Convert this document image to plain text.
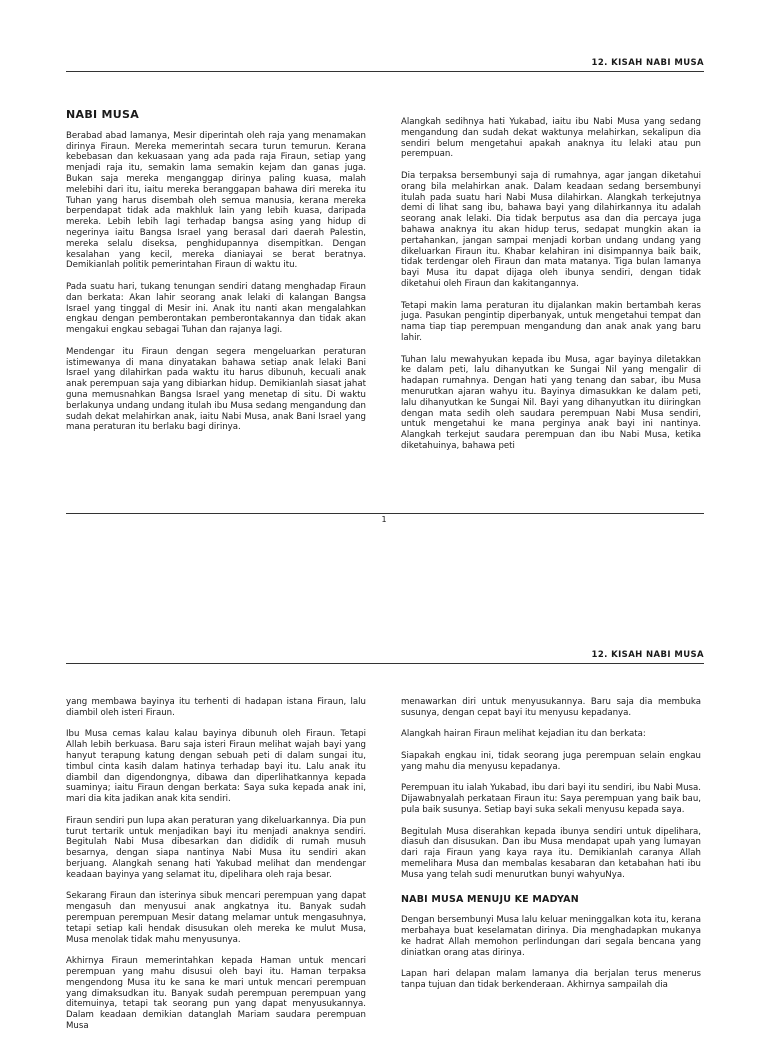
12. KISAH NABI MUSA
NABI MUSA

Berabad abad lamanya, Mesir diperintah oleh raja yang menamakan dirinya Firaun. Mereka memerintah secara turun temurun. Kerana kebebasan dan kekuasaan yang ada pada raja Firaun, setiap yang menjadi raja itu, semakin lama semakin kejam dan ganas juga. Bukan saja mereka menganggap dirinya paling kuasa, malah melebihi dari itu, iaitu mereka beranggapan bahawa diri mereka itu Tuhan yang harus disembah oleh semua manusia, kerana mereka berpendapat tidak ada makhluk lain yang lebih kuasa, daripada mereka. Lebih lebih lagi terhadap bangsa asing yang hidup di negerinya iaitu Bangsa Israel yang berasal dari daerah Palestin, mereka selalu diseksa, penghidupannya disempitkan. Dengan kesalahan yang kecil, mereka dianiayai se berat beratnya. Demikianlah politik pemerintahan Firaun di waktu itu.

Pada suatu hari, tukang tenungan sendiri datang menghadap Firaun dan berkata: Akan lahir seorang anak lelaki di kalangan Bangsa Israel yang tinggal di Mesir ini. Anak itu nanti akan mengalahkan engkau dengan pemberontakan pemberontakannya dan tidak akan mengakui engkau sebagai Tuhan dan rajanya lagi.

Mendengar itu Firaun dengan segera mengeluarkan peraturan istimewanya di mana dinyatakan bahawa setiap anak lelaki Bani Israel yang dilahirkan pada waktu itu harus dibunuh, kecuali anak anak perempuan saja yang dibiarkan hidup. Demikianlah siasat jahat guna memusnahkan Bangsa Israel yang menetap di situ. Di waktu berlakunya undang undang itulah ibu Musa sedang mengandung dan sudah dekat melahirkan anak, iaitu Nabi Musa, anak Bani Israel yang mana peraturan itu berlaku bagi dirinya.

Alangkah sedihnya hati Yukabad, iaitu ibu Nabi Musa yang sedang mengandung dan sudah dekat waktunya melahirkan, sekalipun dia sendiri belum mengetahui apakah anaknya itu lelaki atau pun perempuan.

Dia terpaksa bersembunyi saja di rumahnya, agar jangan diketahui orang bila melahirkan anak. Dalam keadaan sedang bersembunyi itulah pada suatu hari Nabi Musa dilahirkan. Alangkah terkejutnya demi di lihat sang ibu, bahawa bayi yang dilahirkannya itu adalah seorang anak lelaki. Dia tidak berputus asa dan dia percaya juga bahawa anaknya itu akan hidup terus, sedapat mungkin akan ia pertahankan, jangan sampai menjadi korban undang undang yang dikeluarkan Firaun itu. Khabar kelahiran ini disimpannya baik baik, tidak terdengar oleh Firaun dan mata matanya. Tiga bulan lamanya bayi Musa itu dapat dijaga oleh ibunya sendiri, dengan tidak diketahui oleh Firaun dan kakitangannya.

Tetapi makin lama peraturan itu dijalankan makin bertambah keras juga. Pasukan pengintip diperbanyak, untuk mengetahui tempat dan nama tiap tiap perempuan mengandung dan anak anak yang baru lahir.

Tuhan lalu mewahyukan kepada ibu Musa, agar bayinya diletakkan ke dalam peti, lalu dihanyutkan ke Sungai Nil yang mengalir di hadapan rumahnya. Dengan hati yang tenang dan sabar, ibu Musa menurutkan ajaran wahyu itu. Bayinya dimasukkan ke dalam peti, lalu dihanyutkan ke Sungai Nil. Bayi yang dihanyutkan itu diiringkan dengan mata sedih oleh saudara perempuan Nabi Musa sendiri, untuk mengetahui ke mana perginya anak bayi ini nantinya. Alangkah terkejut saudara perempuan dan ibu Nabi Musa, ketika diketahuinya, bahawa peti

1
12. KISAH NABI MUSA

yang membawa bayinya itu terhenti di hadapan istana Firaun, lalu diambil oleh isteri Firaun.

Ibu Musa cemas kalau kalau bayinya dibunuh oleh Firaun. Tetapi Allah lebih berkuasa. Baru saja isteri Firaun melihat wajah bayi yang hanyut terapung katung dengan sebuah peti di dalam sungai itu, timbul cinta kasih dalam hatinya terhadap bayi itu. Lalu anak itu diambil dan digendongnya, dibawa dan diperlihatkannya kepada suaminya; iaitu Firaun dengan berkata: Saya suka kepada anak ini, mari dia kita jadikan anak kita sendiri.

Firaun sendiri pun lupa akan peraturan yang dikeluarkannya. Dia pun turut tertarik untuk menjadikan bayi itu menjadi anaknya sendiri. Begitulah Nabi Musa dibesarkan dan dididik di rumah musuh besarnya, dengan siapa nantinya Nabi Musa itu sendiri akan berjuang. Alangkah senang hati Yakubad melihat dan mendengar keadaan bayinya yang selamat itu, dipelihara oleh raja besar.

Sekarang Firaun dan isterinya sibuk mencari perempuan yang dapat mengasuh dan menyusui anak angkatnya itu. Banyak sudah perempuan perempuan Mesir datang melamar untuk mengasuhnya, tetapi setiap kali hendak disusukan oleh mereka ke mulut Musa, Musa menolak tidak mahu menyusunya.

Akhirnya Firaun memerintahkan kepada Haman untuk mencari perempuan yang mahu disusui oleh bayi itu. Haman terpaksa mengendong Musa itu ke sana ke mari untuk mencari perempuan yang dimaksudkan itu. Banyak sudah perempuan perempuan yang ditemuinya, tetapi tak seorang pun yang dapat menyusukannya. Dalam keadaan demikian datanglah Mariam saudara perempuan Musa

menawarkan diri untuk menyusukannya. Baru saja dia membuka susunya, dengan cepat bayi itu menyusu kepadanya.

Alangkah hairan Firaun melihat kejadian itu dan berkata:

Siapakah engkau ini, tidak seorang juga perempuan selain engkau yang mahu dia menyusu kepadanya.

Perempuan itu ialah Yukabad, ibu dari bayi itu sendiri, ibu Nabi Musa. Dijawabnyalah perkataan Firaun itu: Saya perempuan yang baik bau, pula baik susunya. Setiap bayi suka sekali menyusu kepada saya.

Begitulah Musa diserahkan kepada ibunya sendiri untuk dipelihara, diasuh dan disusukan. Dan ibu Musa mendapat upah yang lumayan dari raja Firaun yang kaya raya itu. Demikianlah caranya Allah memelihara Musa dan membalas kesabaran dan ketabahan hati ibu Musa yang telah sudi menurutkan bunyi wahyuNya.

NABI MUSA MENUJU KE MADYAN

Dengan bersembunyi Musa lalu keluar meninggalkan kota itu, kerana merbahaya buat keselamatan dirinya. Dia menghadapkan mukanya ke hadrat Allah memohon perlindungan dari segala bencana yang diniatkan orang atas dirinya.

Lapan hari delapan malam lamanya dia berjalan terus menerus tanpa tujuan dan tidak berkenderaan. Akhirnya sampailah dia
